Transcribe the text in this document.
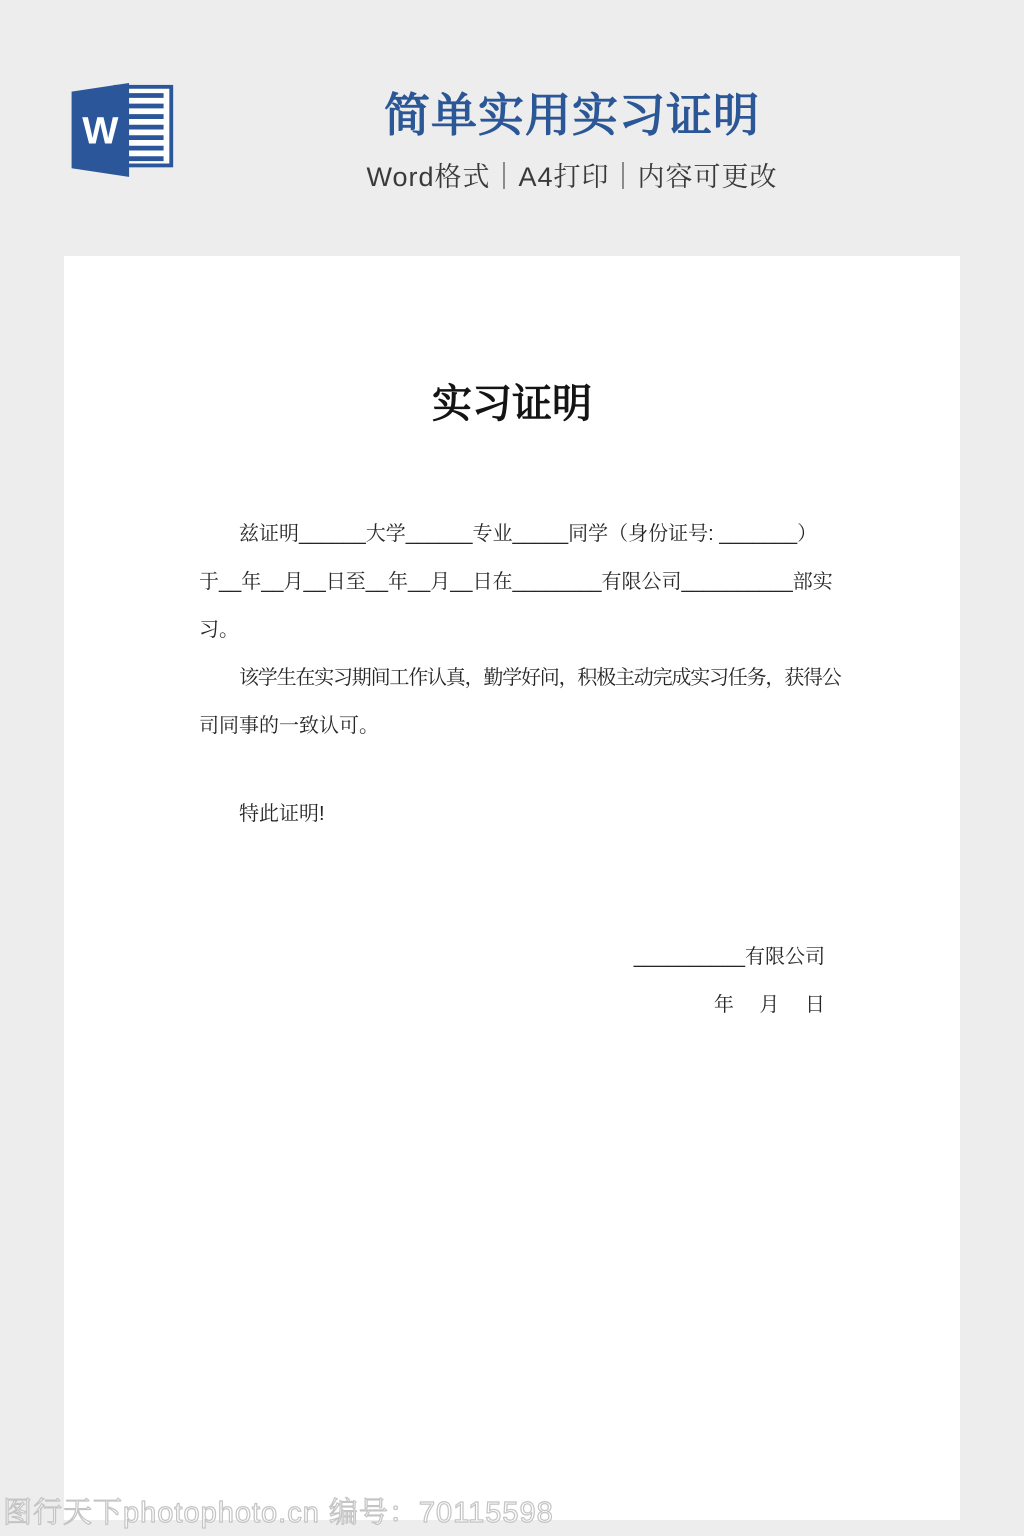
W	简单实用实习证明
Word格式｜A4打印｜内容可更改
实习证明
兹证明______大学______专业_____同学（身份证号: _______）
于__年__月__日至__年__月__日在________有限公司__________部实
习。
该学生在实习期间工作认真，勤学好问，积极主动完成实习任务，获得公
司同事的一致认可。
特此证明!
__________有限公司
年　 月　 日
图行天下photophoto.cn 编号：70115598
